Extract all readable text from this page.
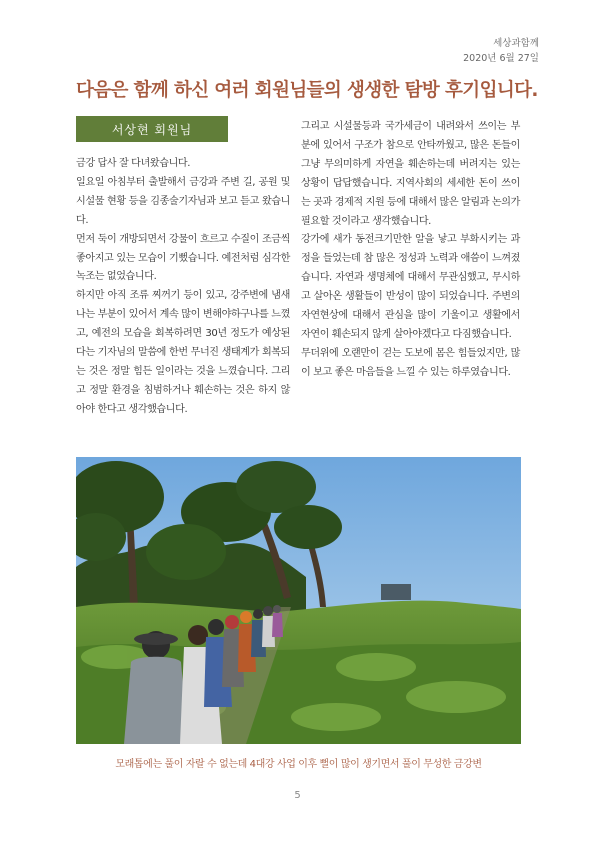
세상과함께
2020년 6월 27일
다음은 함께 하신 여러 회원님들의 생생한 탐방 후기입니다.
서상현 회원님

금강 답사 잘 다녀왔습니다.

일요일 아침부터 출발해서 금강과 주변 길, 공원 및 시설물 현황 등을 김종술기자님과 보고 듣고 왔습니다.

먼저 둑이 개방되면서 강물이 흐르고 수질이 조금씩 좋아지고 있는 모습이 기뻤습니다. 예전처럼 심각한 녹조는 없었습니다.

하지만 아직 조류 찌꺼기 등이 있고, 강주변에 냄새나는 부분이 있어서 계속 많이 변해야하구나를 느꼈고, 예전의 모습을 회복하려면 30년 정도가 예상된다는 기자님의 말씀에 한번 무너진 생태계가 회복되는 것은 정말 힘든 일이라는 것을 느꼈습니다. 그리고 정말 환경을 침범하거나 훼손하는 것은 하지 않아야 한다고 생각했습니다.

그리고 시설물등과 국가세금이 내려와서 쓰이는 부분에 있어서 구조가 참으로 안타까웠고, 많은 돈들이 그냥 무의미하게 자연을 훼손하는데 버려지는 있는 상황이 답답했습니다. 지역사회의 세세한 돈이 쓰이는 곳과 경제적 지원 등에 대해서 많은 알림과 논의가 필요할 것이라고 생각했습니다.

강가에 새가 동전크기만한 알을 낳고 부화시키는 과정을 들었는데 참 많은 정성과 노력과 애씀이 느껴졌습니다. 자연과 생명체에 대해서 무관심했고, 무시하고 살아온 생활들이 반성이 많이 되었습니다. 주변의 자연현상에 대해서 관심을 많이 기울이고 생활에서 자연이 훼손되지 않게 살아야겠다고 다짐했습니다.

무더위에 오랜만이 걷는 도보에 몸은 힘들었지만, 많이 보고 좋은 마음들을 느낄 수 있는 하루였습니다.

모래톱에는 풀이 자랄 수 없는데 4대강 사업 이후 뻘이 많이 생기면서 풀이 무성한 금강변
5
